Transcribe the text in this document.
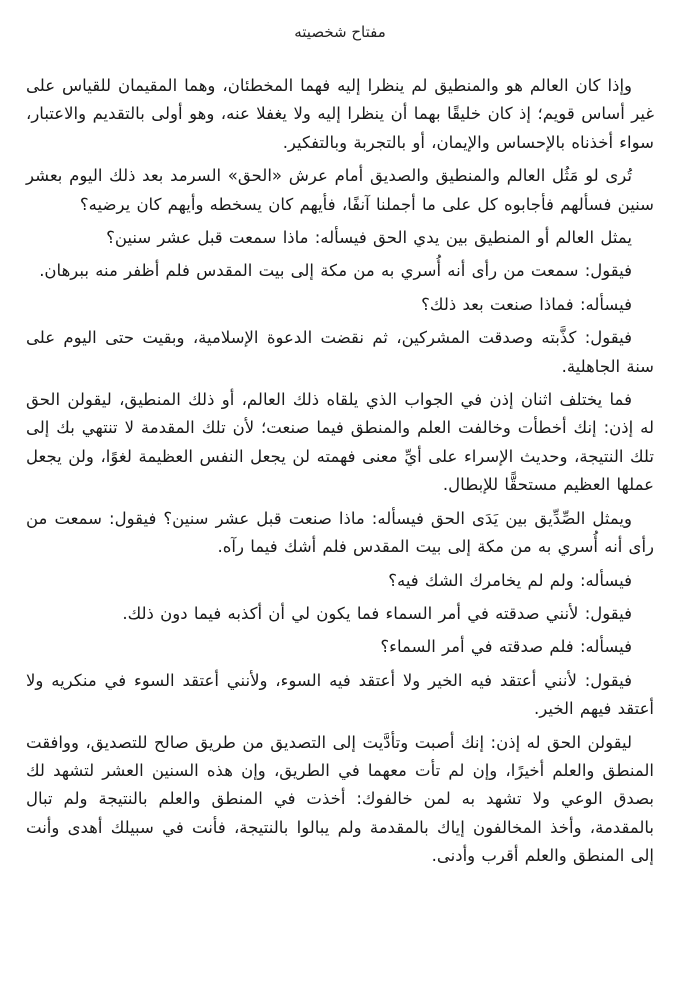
مفتاح شخصيته

وإذا كان العالم هو والمنطيق لم ينظرا إليه فهما المخطئان، وهما المقيمان للقياس على غير أساس قويم؛ إذ كان خليقًا بهما أن ينظرا إليه ولا يغفلا عنه، وهو أولى بالتقديم والاعتبار، سواء أخذناه بالإحساس والإيمان، أو بالتجربة وبالتفكير.

تُرى لو مَثُل العالم والمنطيق والصديق أمام عرش «الحق» السرمد بعد ذلك اليوم بعشر سنين فسألهم فأجابوه كل على ما أجملنا آنفًا، فأيهم كان يسخطه وأيهم كان يرضيه؟

يمثل العالم أو المنطيق بين يدي الحق فيسأله: ماذا سمعت قبل عشر سنين؟

فيقول: سمعت من رأى أنه أُسري به من مكة إلى بيت المقدس فلم أظفر منه ببرهان.

فيسأله: فماذا صنعت بعد ذلك؟

فيقول: كذَّبته وصدقت المشركين، ثم نقضت الدعوة الإسلامية، وبقيت حتى اليوم على سنة الجاهلية.

فما يختلف اثنان إذن في الجواب الذي يلقاه ذلك العالم، أو ذلك المنطيق، ليقولن الحق له إذن: إنك أخطأت وخالفت العلم والمنطق فيما صنعت؛ لأن تلك المقدمة لا تنتهي بك إلى تلك النتيجة، وحديث الإسراء على أيِّ معنى فهمته لن يجعل النفس العظيمة لغوًا، ولن يجعل عملها العظيم مستحقًّا للإبطال.

ويمثل الصِّدِّيق بين يَدَى الحق فيسأله: ماذا صنعت قبل عشر سنين؟ فيقول: سمعت من رأى أنه أُسري به من مكة إلى بيت المقدس فلم أشك فيما رآه.

فيسأله: ولم لم يخامرك الشك فيه؟

فيقول: لأنني صدقته في أمر السماء فما يكون لي أن أكذبه فيما دون ذلك.

فيسأله: فلم صدقته في أمر السماء؟

فيقول: لأنني أعتقد فيه الخير ولا أعتقد فيه السوء، ولأنني أعتقد السوء في منكريه ولا أعتقد فيهم الخير.

ليقولن الحق له إذن: إنك أصبت وتأدَّيت إلى التصديق من طريق صالح للتصديق، ووافقت المنطق والعلم أخيرًا، وإن لم تأت معهما في الطريق، وإن هذه السنين العشر لتشهد لك بصدق الوعي ولا تشهد به لمن خالفوك: أخذت في المنطق والعلم بالنتيجة ولم تبال بالمقدمة، وأخذ المخالفون إياك بالمقدمة ولم يبالوا بالنتيجة، فأنت في سبيلك أهدى وأنت إلى المنطق والعلم أقرب وأدنى.
